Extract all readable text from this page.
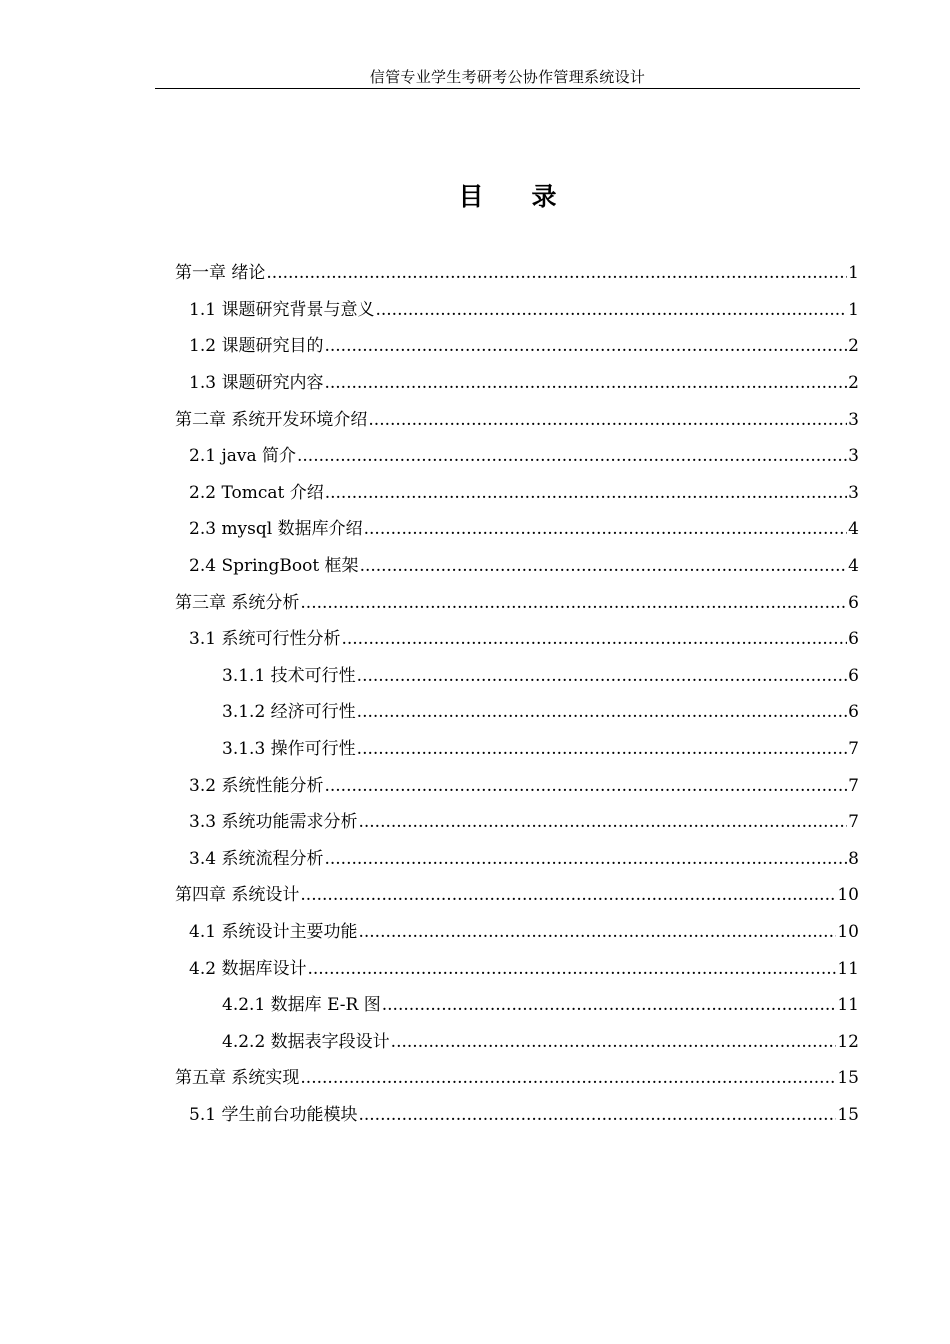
信管专业学生考研考公协作管理系统设计
目录
第一章 绪论 .....	1
1.1 课题研究背景与意义 .....	1
1.2 课题研究目的 .....	2
1.3 课题研究内容 .....	2
第二章 系统开发环境介绍 .....	3
2.1 java 简介 .....	3
2.2 Tomcat 介绍 .....	3
2.3 mysql 数据库介绍 .....	4
2.4 SpringBoot 框架 .....	4
第三章 系统分析 .....	6
3.1 系统可行性分析 .....	6
3.1.1 技术可行性 .....	6
3.1.2 经济可行性 .....	6
3.1.3 操作可行性 .....	7
3.2 系统性能分析 .....	7
3.3 系统功能需求分析 .....	7
3.4 系统流程分析 .....	8
第四章 系统设计 .....	10
4.1 系统设计主要功能 .....	10
4.2 数据库设计 .....	11
4.2.1 数据库 E-R 图 .....	11
4.2.2 数据表字段设计 .....	12
第五章 系统实现 .....	15
5.1 学生前台功能模块 .....	15
